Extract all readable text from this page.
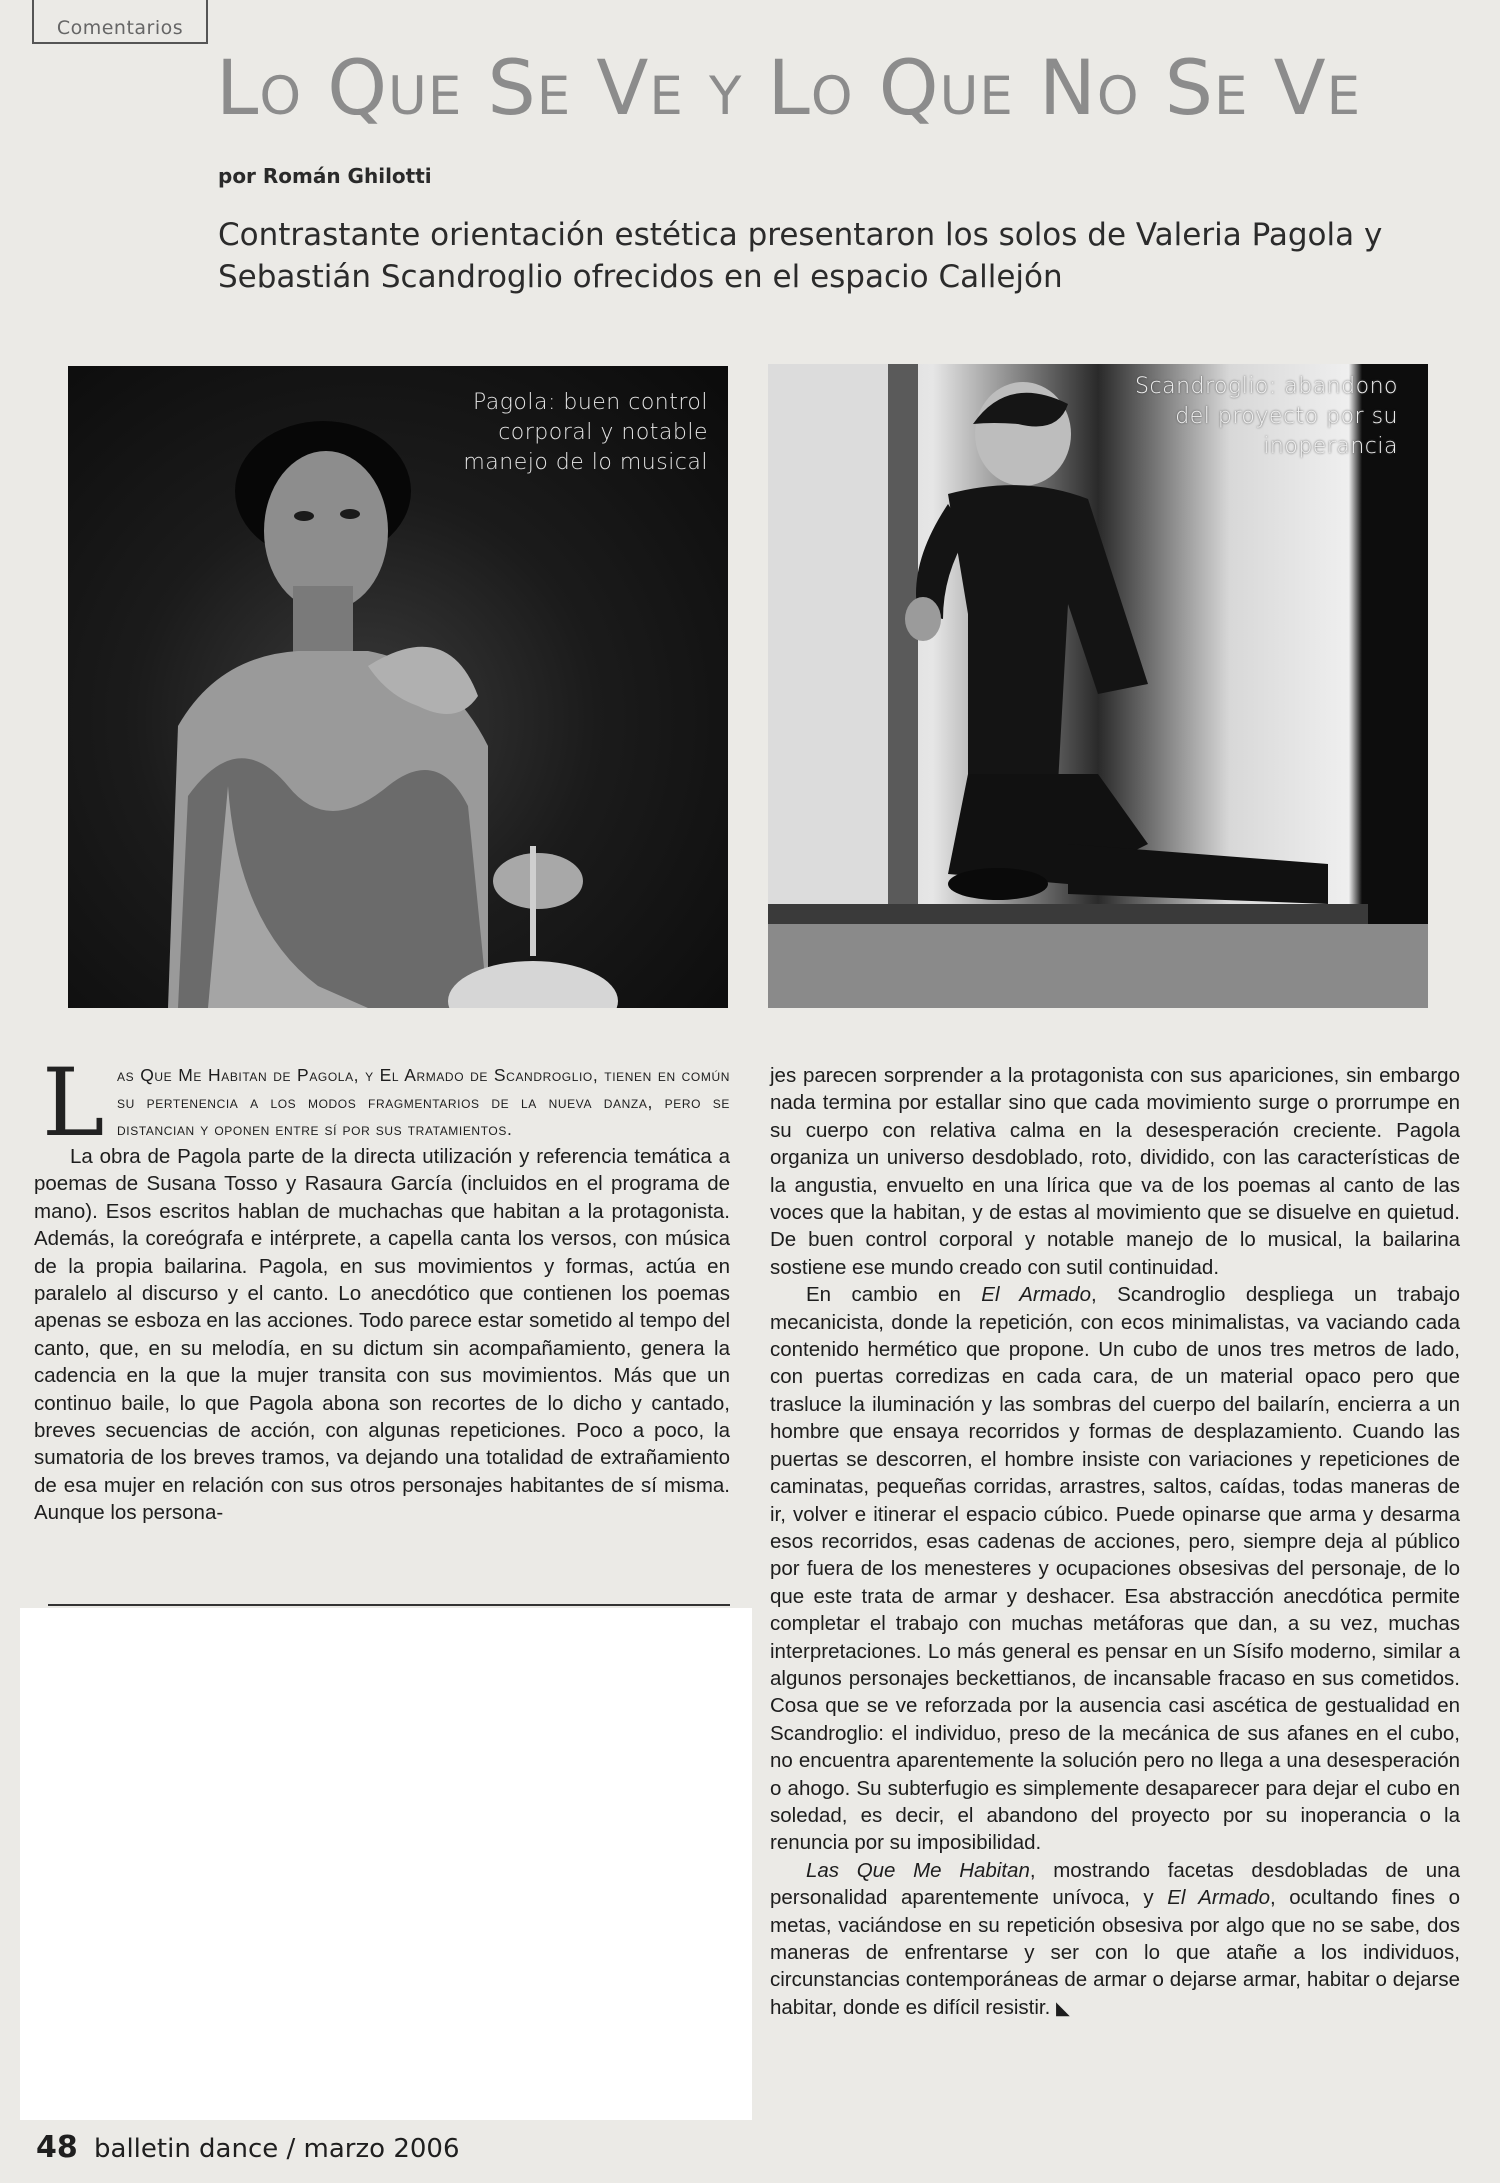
Comentarios
Lo Que Se Ve y Lo Que No Se Ve
por Román Ghilotti

Contrastante orientación estética presentaron los solos de Valeria Pagola y Sebastián Scandroglio ofrecidos en el espacio Callejón

Pagola: buen control corporal y notable manejo de lo musical
Scandroglio: abandono del proyecto por su inoperancia

Las Que Me Habitan de Pagola, y El Armado de Scandroglio, tienen en común su pertenencia a los modos fragmentarios de la nueva danza, pero se distancian y oponen entre sí por sus tratamientos.

La obra de Pagola parte de la directa utilización y referencia temática a poemas de Susana Tosso y Rasaura García (incluidos en el programa de mano). Esos escritos hablan de muchachas que habitan a la protagonista. Además, la coreógrafa e intérprete, a capella canta los versos, con música de la propia bailarina. Pagola, en sus movimientos y formas, actúa en paralelo al discurso y el canto. Lo anecdótico que contienen los poemas apenas se esboza en las acciones. Todo parece estar sometido al tempo del canto, que, en su melodía, en su dictum sin acompañamiento, genera la cadencia en la que la mujer transita con sus movimientos. Más que un continuo baile, lo que Pagola abona son recortes de lo dicho y cantado, breves secuencias de acción, con algunas repeticiones. Poco a poco, la sumatoria de los breves tramos, va dejando una totalidad de extrañamiento de esa mujer en relación con sus otros personajes habitantes de sí misma. Aunque los persona-

jes parecen sorprender a la protagonista con sus apariciones, sin embargo nada termina por estallar sino que cada movimiento surge o prorrumpe en su cuerpo con relativa calma en la desesperación creciente. Pagola organiza un universo desdoblado, roto, dividido, con las características de la angustia, envuelto en una lírica que va de los poemas al canto de las voces que la habitan, y de estas al movimiento que se disuelve en quietud. De buen control corporal y notable manejo de lo musical, la bailarina sostiene ese mundo creado con sutil continuidad.

En cambio en El Armado, Scandroglio despliega un trabajo mecanicista, donde la repetición, con ecos minimalistas, va vaciando cada contenido hermético que propone. Un cubo de unos tres metros de lado, con puertas corredizas en cada cara, de un material opaco pero que trasluce la iluminación y las sombras del cuerpo del bailarín, encierra a un hombre que ensaya recorridos y formas de desplazamiento. Cuando las puertas se descorren, el hombre insiste con variaciones y repeticiones de caminatas, pequeñas corridas, arrastres, saltos, caídas, todas maneras de ir, volver e itinerar el espacio cúbico. Puede opinarse que arma y desarma esos recorridos, esas cadenas de acciones, pero, siempre deja al público por fuera de los menesteres y ocupaciones obsesivas del personaje, de lo que este trata de armar y deshacer. Esa abstracción anecdótica permite completar el trabajo con muchas metáforas que dan, a su vez, muchas interpretaciones. Lo más general es pensar en un Sísifo moderno, similar a algunos personajes beckettianos, de incansable fracaso en sus cometidos. Cosa que se ve reforzada por la ausencia casi ascética de gestualidad en Scandroglio: el individuo, preso de la mecánica de sus afanes en el cubo, no encuentra aparentemente la solución pero no llega a una desesperación o ahogo. Su subterfugio es simplemente desaparecer para dejar el cubo en soledad, es decir, el abandono del proyecto por su inoperancia o la renuncia por su imposibilidad.

Las Que Me Habitan, mostrando facetas desdobladas de una personalidad aparentemente unívoca, y El Armado, ocultando fines o metas, vaciándose en su repetición obsesiva por algo que no se sabe, dos maneras de enfrentarse y ser con lo que atañe a los individuos, circunstancias contemporáneas de armar o dejarse armar, habitar o dejarse habitar, donde es difícil resistir. ◣

48 balletin dance / marzo 2006
